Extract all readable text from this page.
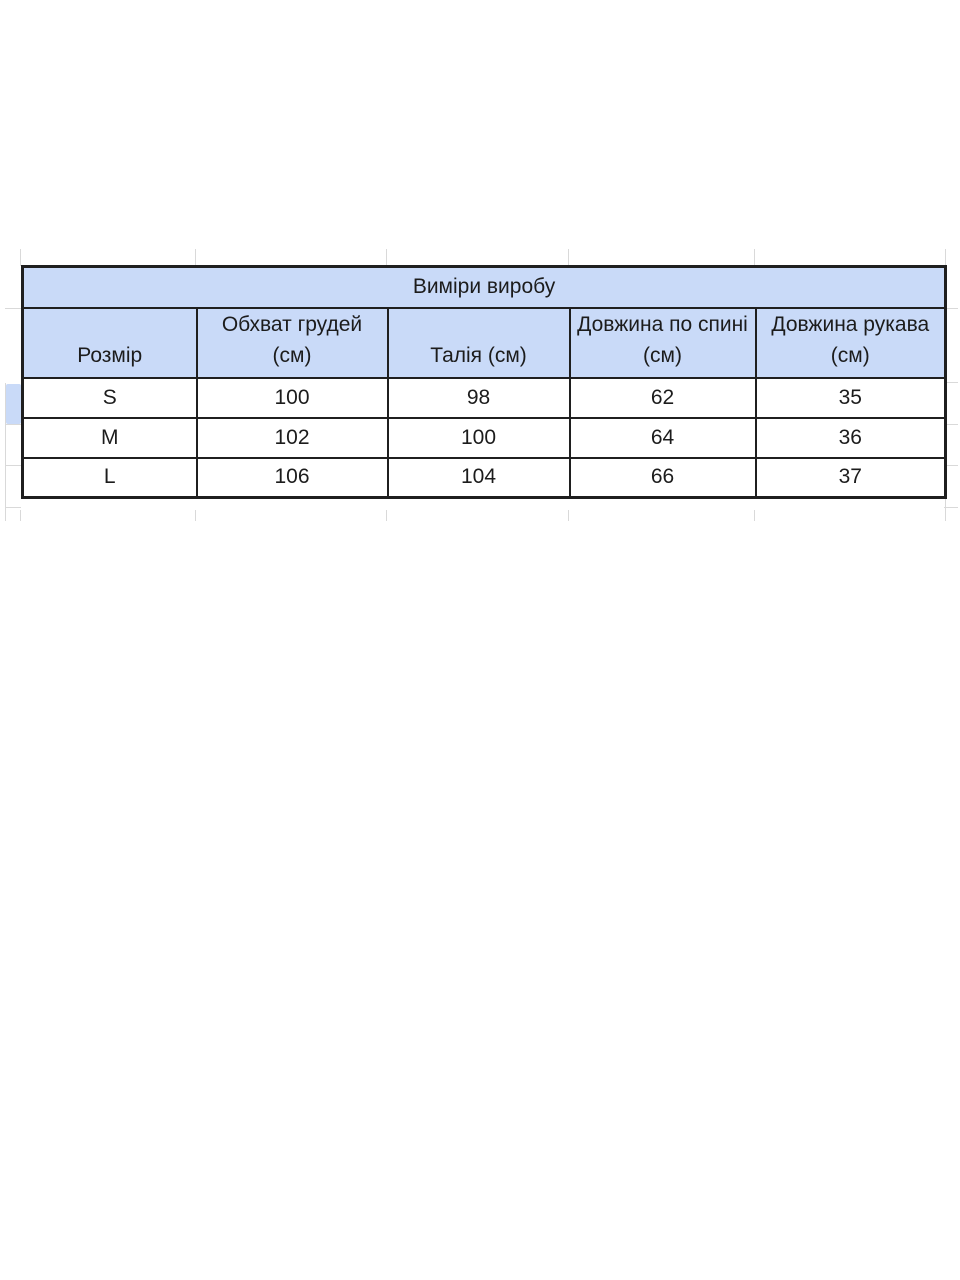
Виміри виробу				
Розмір	Обхват грудей (см)	Талія (см)	Довжина по спині (см)	Довжина рукава (см)
S	100	98	62	35
M	102	100	64	36
L	106	104	66	37
